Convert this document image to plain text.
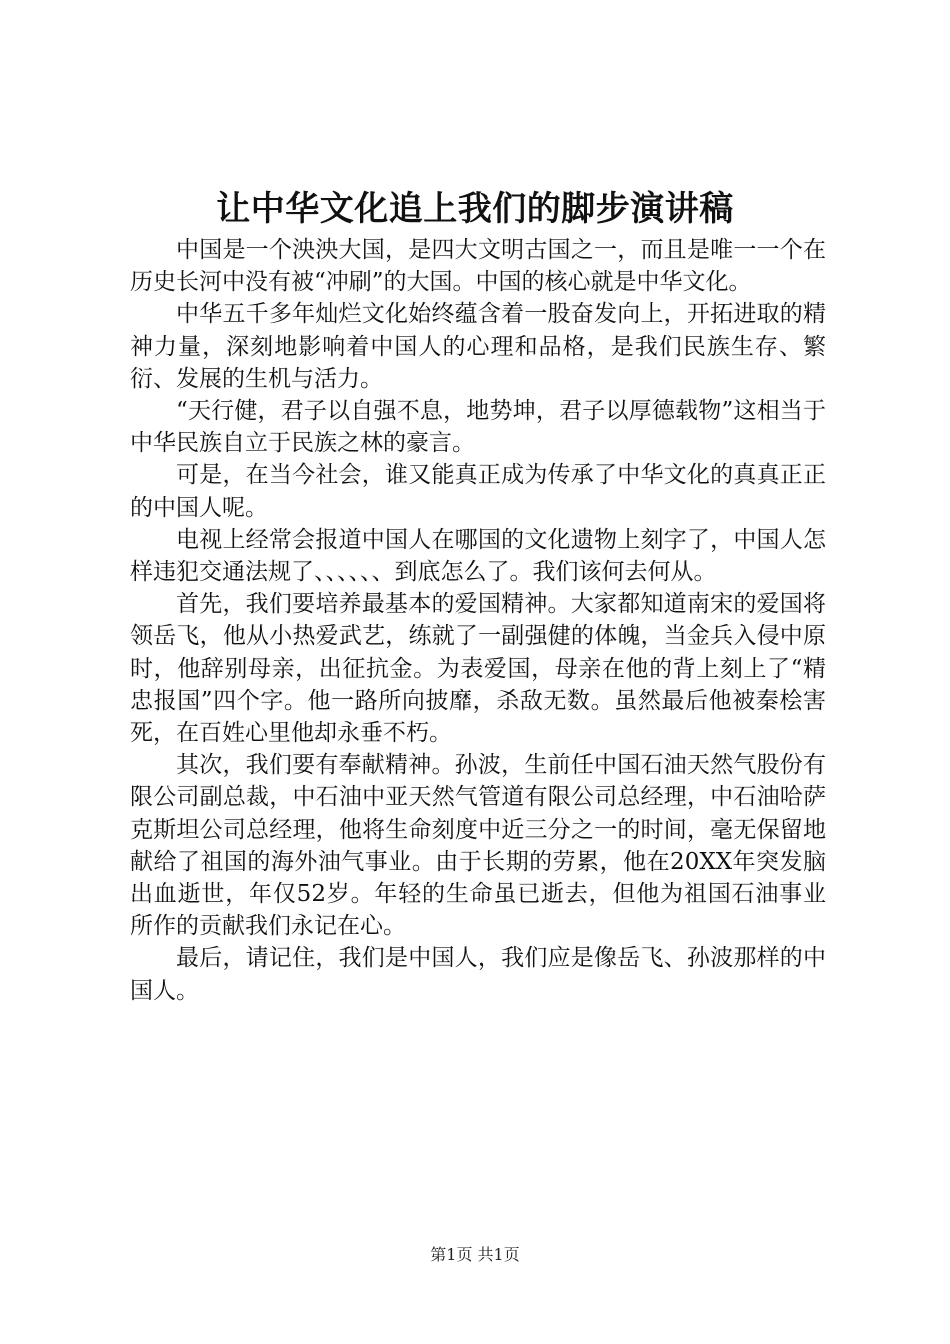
让中华文化追上我们的脚步演讲稿

中国是一个泱泱大国，是四大文明古国之一，而且是唯一一个在历史长河中没有被“冲刷”的大国。中国的核心就是中华文化。

中华五千多年灿烂文化始终蕴含着一股奋发向上，开拓进取的精神力量，深刻地影响着中国人的心理和品格，是我们民族生存、繁衍、发展的生机与活力。

“天行健，君子以自强不息，地势坤，君子以厚德载物”这相当于中华民族自立于民族之林的豪言。

可是，在当今社会，谁又能真正成为传承了中华文化的真真正正的中国人呢。

电视上经常会报道中国人在哪国的文化遗物上刻字了，中国人怎样违犯交通法规了、、、、、、到底怎么了。我们该何去何从。

首先，我们要培养最基本的爱国精神。大家都知道南宋的爱国将领岳飞，他从小热爱武艺，练就了一副强健的体魄，当金兵入侵中原时，他辞别母亲，出征抗金。为表爱国，母亲在他的背上刻上了“精忠报国”四个字。他一路所向披靡，杀敌无数。虽然最后他被秦桧害死，在百姓心里他却永垂不朽。

其次，我们要有奉献精神。孙波，生前任中国石油天然气股份有限公司副总裁，中石油中亚天然气管道有限公司总经理，中石油哈萨克斯坦公司总经理，他将生命刻度中近三分之一的时间，毫无保留地献给了祖国的海外油气事业。由于长期的劳累，他在20XX年突发脑出血逝世，年仅52岁。年轻的生命虽已逝去，但他为祖国石油事业所作的贡献我们永记在心。

最后，请记住，我们是中国人，我们应是像岳飞、孙波那样的中国人。

第1页 共1页
